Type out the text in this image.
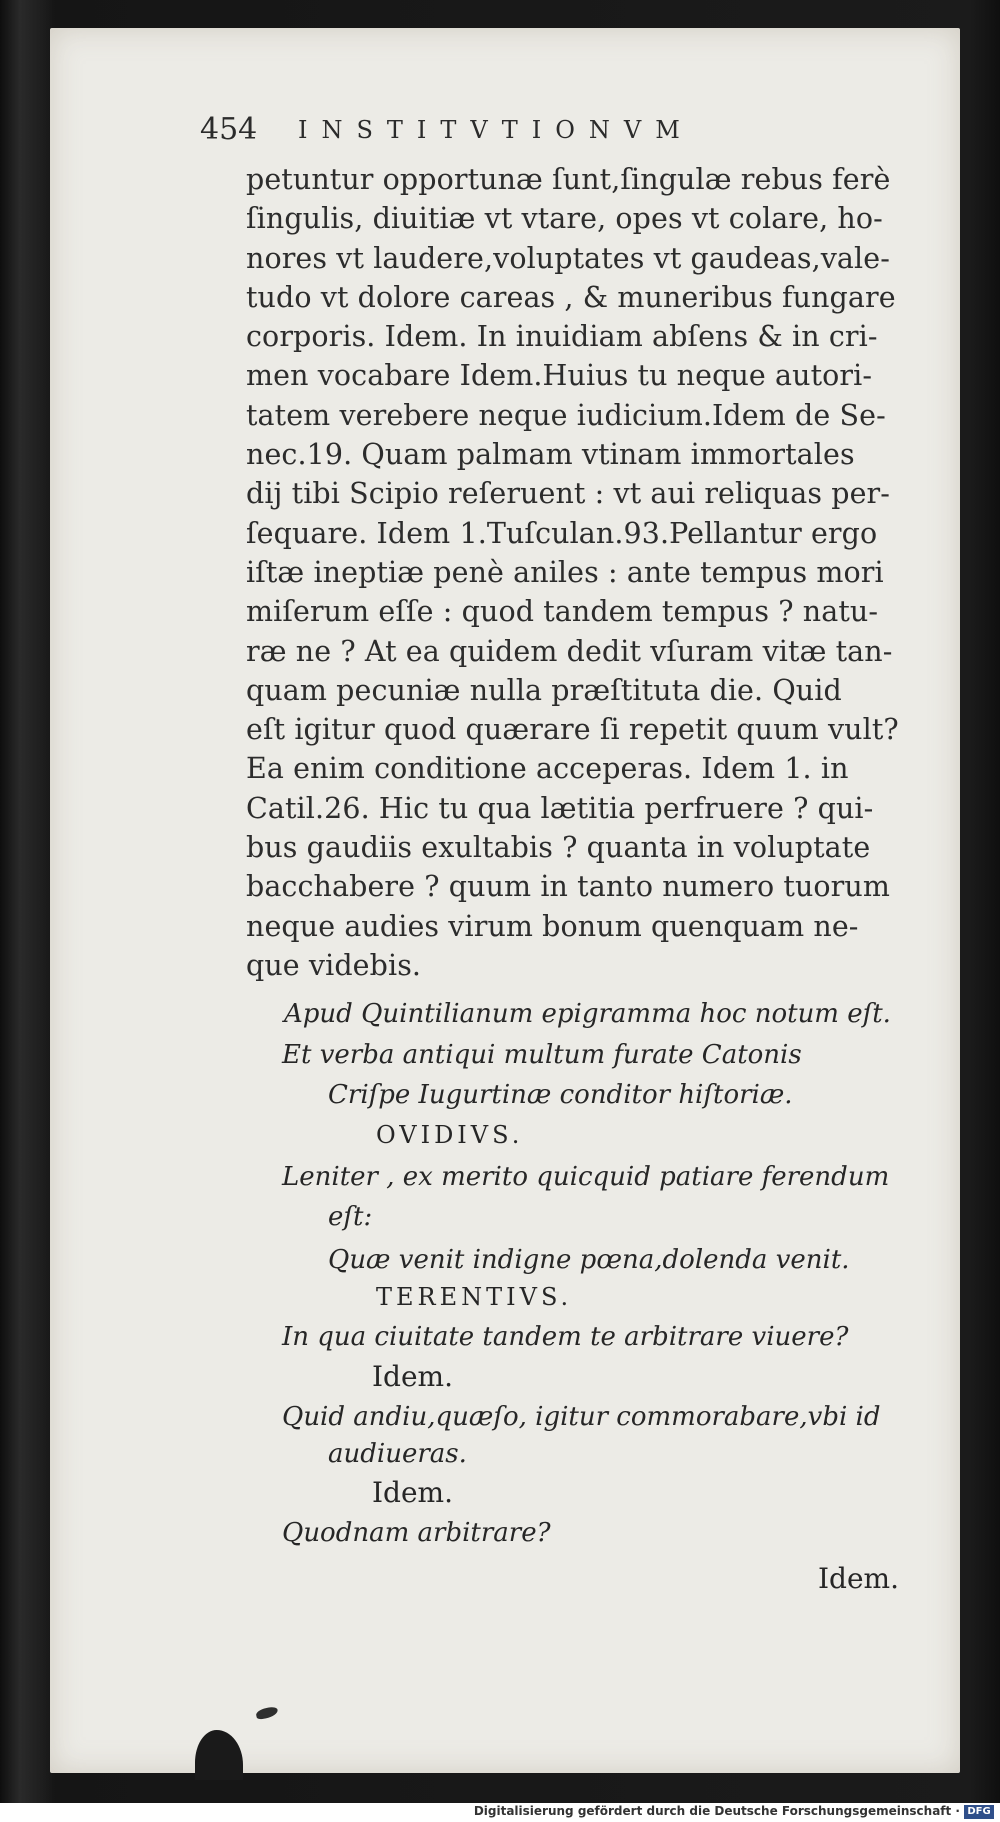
454 INSTITVTIONVM
petuntur opportunæ ſunt,ſingulæ rebus ferè
ſingulis, diuitiæ vt vtare, opes vt colare, ho-
nores vt laudere,voluptates vt gaudeas,vale-
tudo vt dolore careas , & muneribus fungare
corporis. Idem. In inuidiam abſens & in cri-
men vocabare Idem.Huius tu neque autori-
tatem verebere neque iudicium.Idem de Se-
nec.19. Quam palmam vtinam immortales
dij tibi Scipio reſeruent : vt aui reliquas per-
ſequare. Idem 1.Tuſculan.93.Pellantur ergo
iſtæ ineptiæ penè aniles : ante tempus mori
miſerum eſſe : quod tandem tempus ? natu-
ræ ne ? At ea quidem dedit vſuram vitæ tan-
quam pecuniæ nulla præſtituta die. Quid
eſt igitur quod quærare ſi repetit quum vult?
Ea enim conditione acceperas. Idem 1. in
Catil.26. Hic tu qua lætitia perfruere ? qui-
bus gaudiis exultabis ? quanta in voluptate
bacchabere ? quum in tanto numero tuorum
neque audies virum bonum quenquam ne-
que videbis.
Apud Quintilianum epigramma hoc notum eſt.
Et verba antiqui multum furate Catonis
Criſpe Iugurtinæ conditor hiſtoriæ.
OVIDIVS.
Leniter , ex merito quicquid patiare ferendum
eſt:
Quæ venit indigne pœna,dolenda venit.
TERENTIVS.
In qua ciuitate tandem te arbitrare viuere?
Idem.
Quid andiu,quæſo, igitur commorabare,vbi id
audiueras.
Idem.
Quodnam arbitrare?
Idem.
Digitalisierung gefördert durch die Deutsche Forschungsgemeinschaft · DFG
